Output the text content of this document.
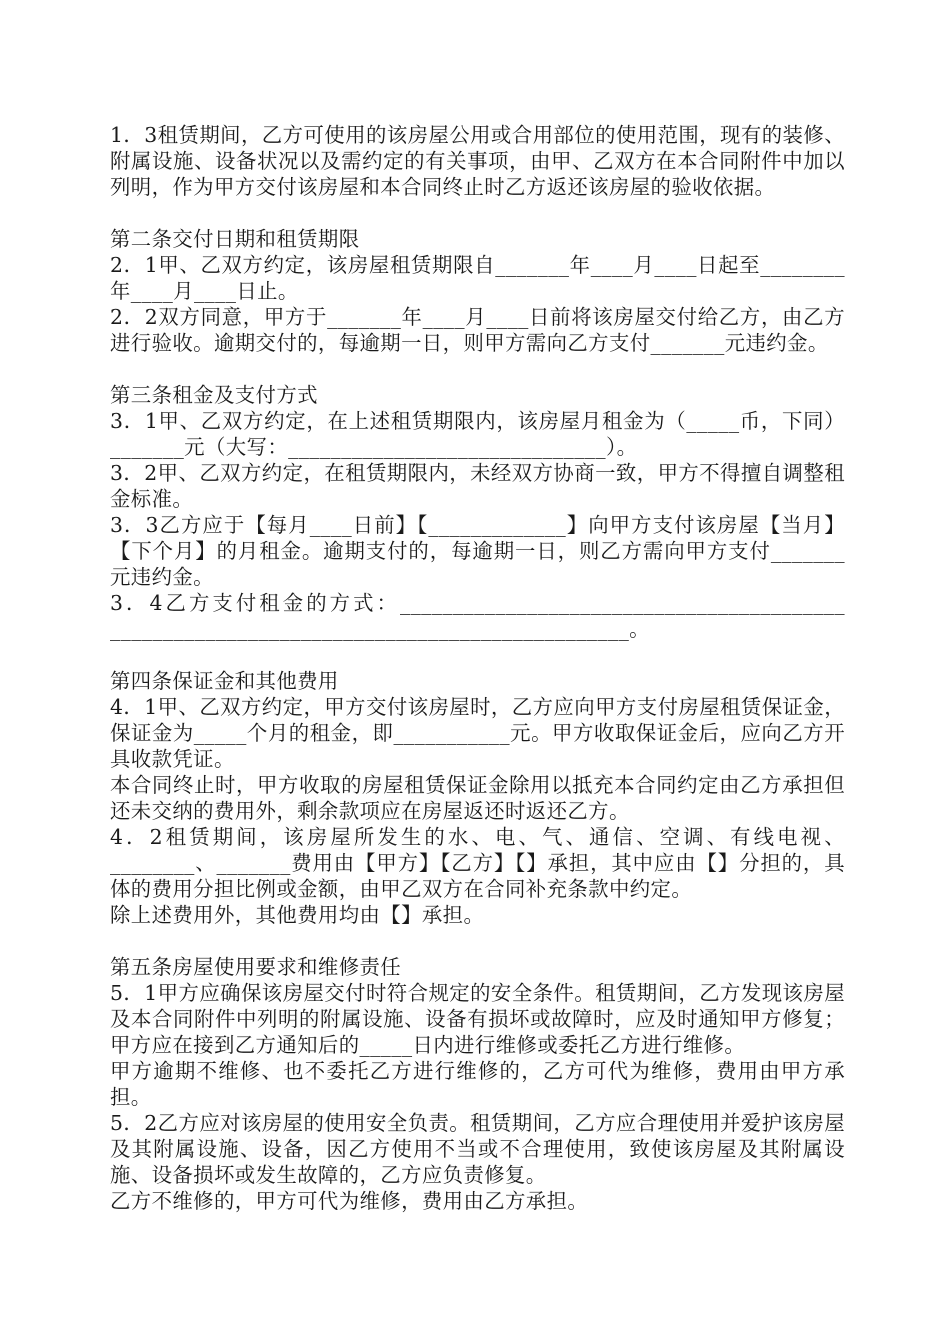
1．3租赁期间，乙方可使用的该房屋公用或合用部位的使用范围，现有的装修、附属设施、设备状况以及需约定的有关事项，由甲、乙双方在本合同附件中加以列明，作为甲方交付该房屋和本合同终止时乙方返还该房屋的验收依据。

第二条交付日期和租赁期限

2．1甲、乙双方约定，该房屋租赁期限自_______年____月____日起至________年____月____日止。

2．2双方同意，甲方于_______年____月____日前将该房屋交付给乙方，由乙方进行验收。逾期交付的，每逾期一日，则甲方需向乙方支付_______元违约金。

第三条租金及支付方式

3．1甲、乙双方约定，在上述租赁期限内，该房屋月租金为（_____币，下同）_______元（大写：______________________________）。

3．2甲、乙双方约定，在租赁期限内，未经双方协商一致，甲方不得擅自调整租金标准。

3．3乙方应于【每月____日前】【_____________】向甲方支付该房屋【当月】【下个月】的月租金。逾期支付的，每逾期一日，则乙方需向甲方支付_______元违约金。

3．4乙方支付租金的方式：__________________________________________ _________________________________________________。

第四条保证金和其他费用

4．1甲、乙双方约定，甲方交付该房屋时，乙方应向甲方支付房屋租赁保证金，保证金为_____个月的租金，即___________元。甲方收取保证金后，应向乙方开具收款凭证。

本合同终止时，甲方收取的房屋租赁保证金除用以抵充本合同约定由乙方承担但还未交纳的费用外，剩余款项应在房屋返还时返还乙方。

4．2租赁期间，该房屋所发生的水、电、气、通信、空调、有线电视、________、_______费用由【甲方】【乙方】【】承担，其中应由【】分担的，具体的费用分担比例或金额，由甲乙双方在合同补充条款中约定。

除上述费用外，其他费用均由【】承担。

第五条房屋使用要求和维修责任

5．1甲方应确保该房屋交付时符合规定的安全条件。租赁期间，乙方发现该房屋及本合同附件中列明的附属设施、设备有损坏或故障时，应及时通知甲方修复；甲方应在接到乙方通知后的_____日内进行维修或委托乙方进行维修。

甲方逾期不维修、也不委托乙方进行维修的，乙方可代为维修，费用由甲方承担。

5．2乙方应对该房屋的使用安全负责。租赁期间，乙方应合理使用并爱护该房屋及其附属设施、设备，因乙方使用不当或不合理使用，致使该房屋及其附属设施、设备损坏或发生故障的，乙方应负责修复。

乙方不维修的，甲方可代为维修，费用由乙方承担。
